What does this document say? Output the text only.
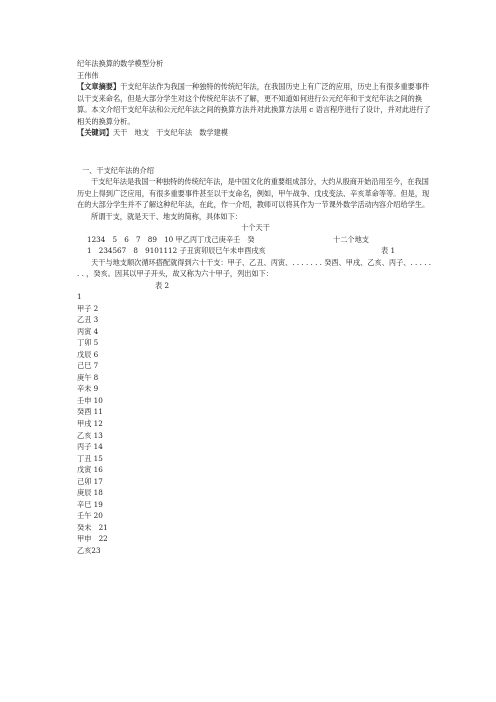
纪年法换算的数学模型分析
王伟伟
【文章摘要】干支纪年法作为我国一种独特的传统纪年法，在我国历史上有广泛的应用，历史上有很多重要事件以干支来命名，但是大部分学生对这个传统纪年法不了解，更不知道如何进行公元纪年和干支纪年法之间的换算。本文介绍干支纪年法和公元纪年法之间的换算方法并对此换算方法用 c 语言程序进行了设计，并对此进行了相关的换算分析。
【关键词】天干　地支　干支纪年法　数学建模
一、干支纪年法的介绍
干支纪年法是我国一种独特的传统纪年法，是中国文化的重要组成部分，大约从殷商开始沿用至今，在我国历史上得到广泛应用，有很多重要事件甚至以干支命名，例如，甲午战争、戊戌变法、辛亥革命等等。但是，现在的大部分学生并不了解这种纪年法，在此，作一介绍，教师可以将其作为一节课外数学活动内容介绍给学生。
所谓干支，就是天干、地支的简称，具体如下：
十个天干
1234　5　6　7　89　10 甲乙丙丁戊己庚辛壬　癸	十二个地支
1　234567　8　9101112 子丑寅卯辰巳午未申酉戌亥	表 1
天干与地支顺次循环搭配就得到六十干支：甲子、乙丑、丙寅、. . . . . . . 癸酉、甲戌、乙亥、丙子、. . . . . . . ，癸亥。因其以甲子开头，故又称为六十甲子，列出如下：
表 2
1
甲子 2
乙丑 3
丙寅 4
丁卯 5
戊辰 6
己巳 7
庚午 8
辛未 9
壬申 10
癸酉 11
甲戌 12
乙亥 13
丙子 14
丁丑 15
戊寅 16
己卯 17
庚辰 18
辛巳 19
壬午 20
癸未　21
甲申　22
乙亥23
